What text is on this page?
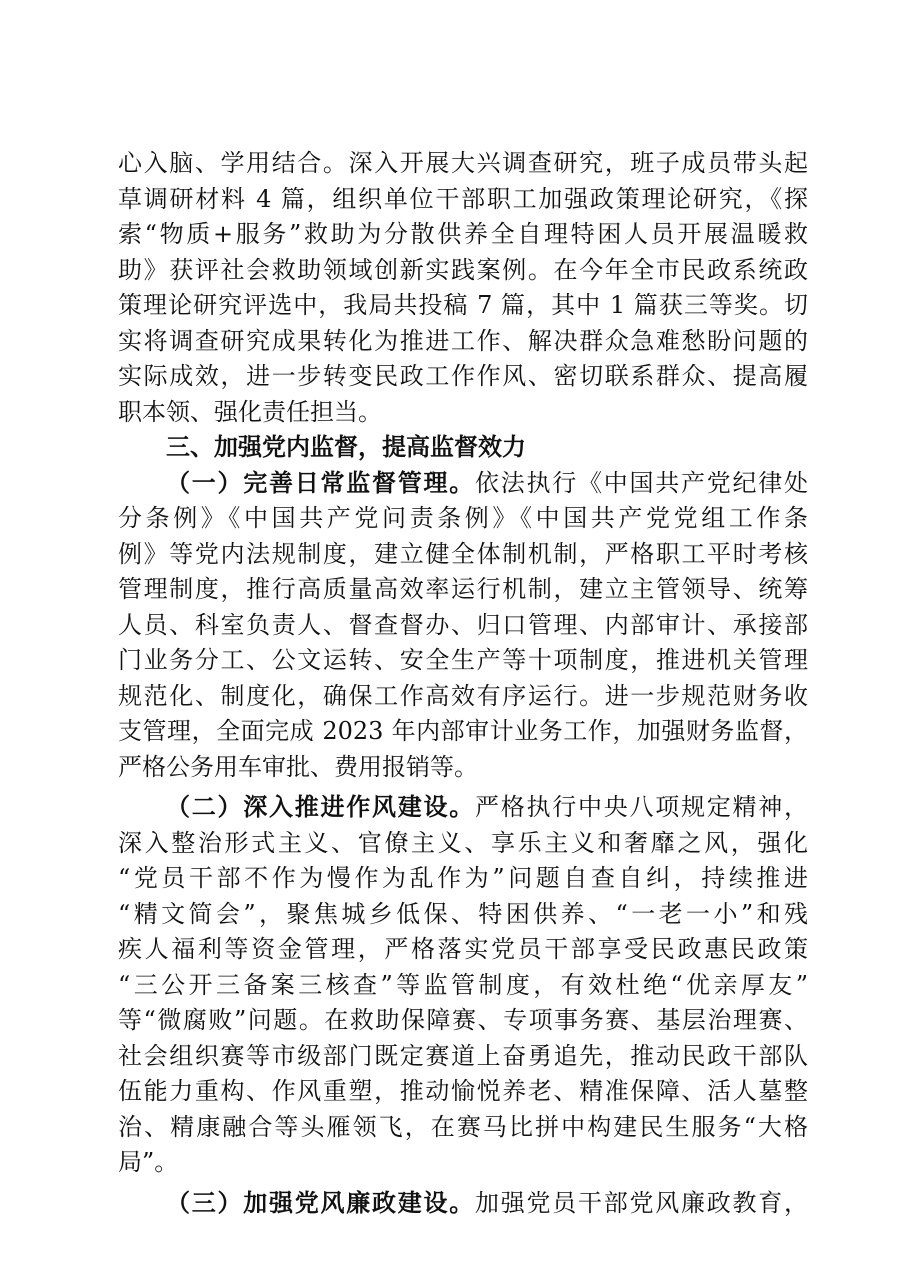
心入脑、学用结合。深入开展大兴调查研究，班子成员带头起
草调研材料 4 篇，组织单位干部职工加强政策理论研究，《探
索“物质+服务”救助为分散供养全自理特困人员开展温暖救
助》获评社会救助领域创新实践案例。在今年全市民政系统政
策理论研究评选中，我局共投稿 7 篇，其中 1 篇获三等奖。切
实将调查研究成果转化为推进工作、解决群众急难愁盼问题的
实际成效，进一步转变民政工作作风、密切联系群众、提高履
职本领、强化责任担当。
三、加强党内监督，提高监督效力
（一）完善日常监督管理。依法执行《中国共产党纪律处
分条例》《中国共产党问责条例》《中国共产党党组工作条
例》等党内法规制度，建立健全体制机制，严格职工平时考核
管理制度，推行高质量高效率运行机制，建立主管领导、统筹
人员、科室负责人、督查督办、归口管理、内部审计、承接部
门业务分工、公文运转、安全生产等十项制度，推进机关管理
规范化、制度化，确保工作高效有序运行。进一步规范财务收
支管理，全面完成 2023 年内部审计业务工作，加强财务监督，
严格公务用车审批、费用报销等。
（二）深入推进作风建设。严格执行中央八项规定精神，
深入整治形式主义、官僚主义、享乐主义和奢靡之风，强化
“党员干部不作为慢作为乱作为”问题自查自纠，持续推进
“精文简会”，聚焦城乡低保、特困供养、“一老一小”和残
疾人福利等资金管理，严格落实党员干部享受民政惠民政策
“三公开三备案三核查”等监管制度，有效杜绝“优亲厚友”
等“微腐败”问题。在救助保障赛、专项事务赛、基层治理赛、
社会组织赛等市级部门既定赛道上奋勇追先，推动民政干部队
伍能力重构、作风重塑，推动愉悦养老、精准保障、活人墓整
治、精康融合等头雁领飞，在赛马比拼中构建民生服务“大格
局”。
（三）加强党风廉政建设。加强党员干部党风廉政教育，
